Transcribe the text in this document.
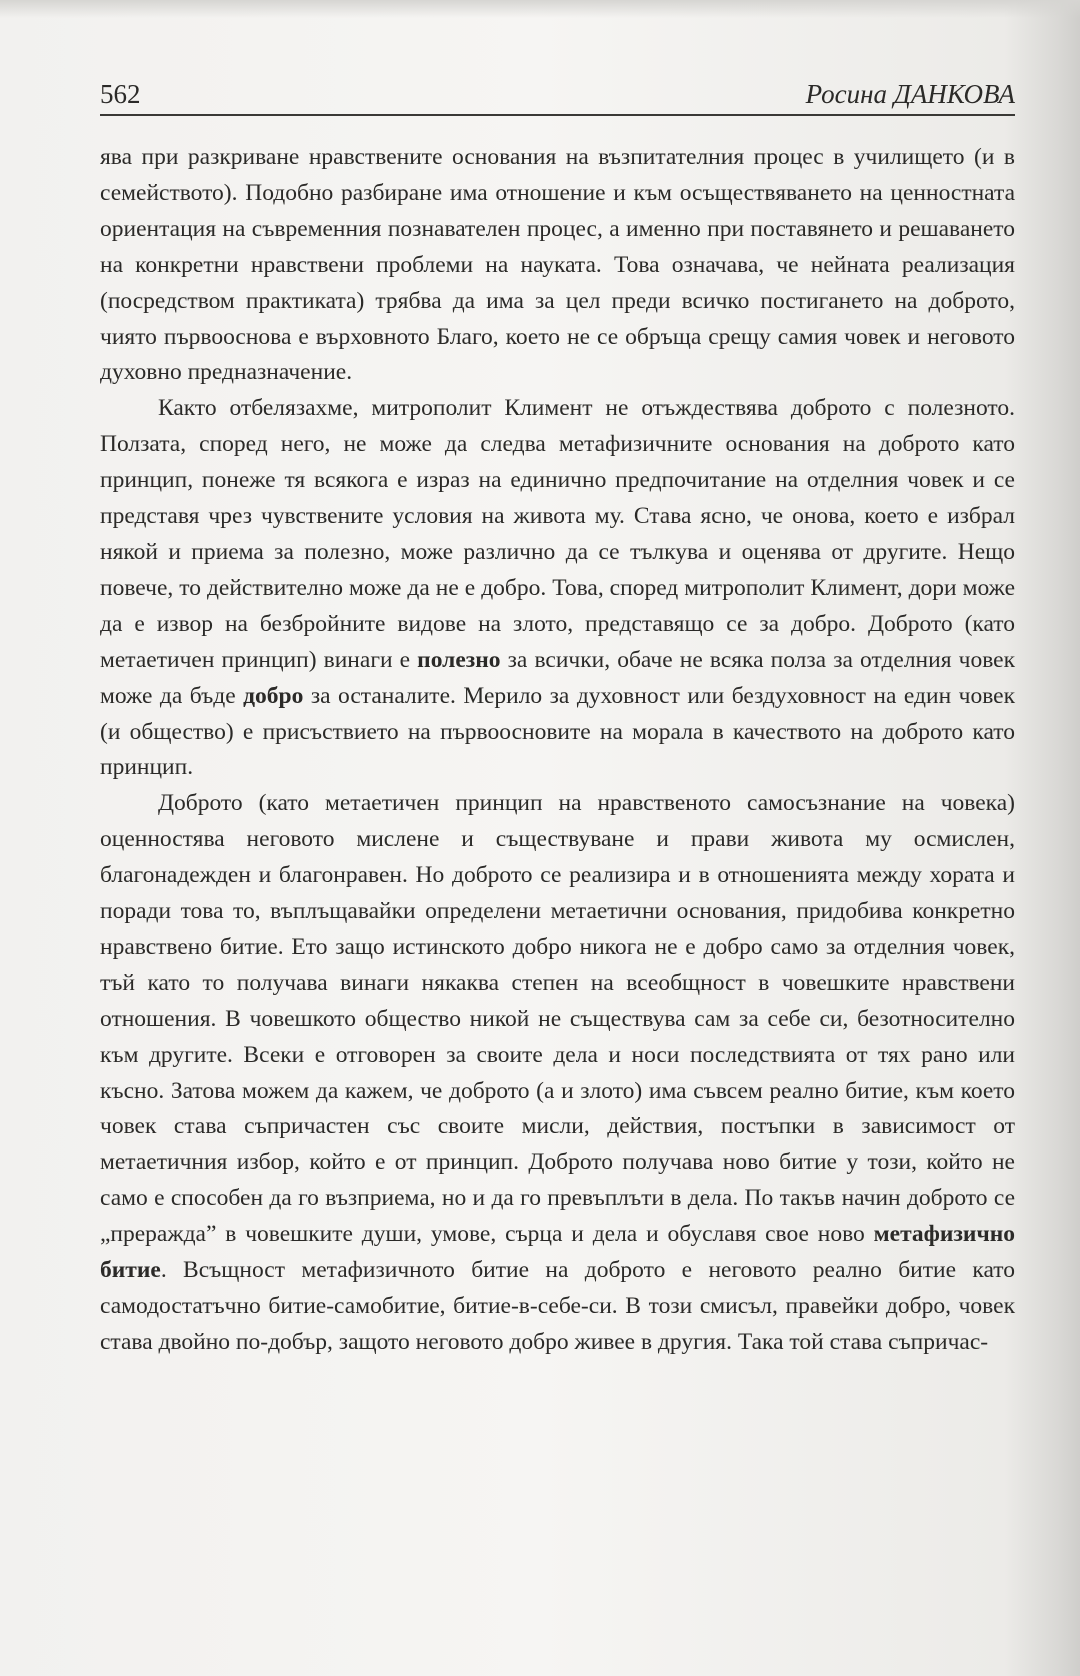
562	Росина ДАНКОВА

ява при разкриване нравствените основания на възпитателния процес в училището (и в семейството). Подобно разбиране има отношение и към осъществяването на ценностната ориентация на съвременния познавателен процес, а именно при поставянето и решаването на конкретни нравствени проблеми на науката. Това означава, че нейната реализация (посредством практиката) трябва да има за цел преди всичко постигането на доброто, чиято първооснова е върховното Благо, което не се обръща срещу самия човек и неговото духовно предназначение.

Както отбелязахме, митрополит Климент не отъждествява доброто с полезното. Ползата, според него, не може да следва метафизичните основания на доброто като принцип, понеже тя всякога е израз на единично предпочитание на отделния човек и се представя чрез чувствените условия на живота му. Става ясно, че онова, което е избрал някой и приема за полезно, може различно да се тълкува и оценява от другите. Нещо повече, то действително може да не е добро. Това, според митрополит Климент, дори може да е извор на безбройните видове на злото, представящо се за добро. Доброто (като метаетичен принцип) винаги е полезно за всички, обаче не всяка полза за отделния човек може да бъде добро за останалите. Мерило за духовност или бездуховност на един човек (и общество) е присъствието на първоосновите на морала в качеството на доброто като принцип.

Доброто (като метаетичен принцип на нравственото самосъзнание на човека) оценностява неговото мислене и съществуване и прави живота му осмислен, благонадежден и благонравен. Но доброто се реализира и в отношенията между хората и поради това то, въплъщавайки определени метаетични основания, придобива конкретно нравствено битие. Ето защо истинското добро никога не е добро само за отделния човек, тъй като то получава винаги някаква степен на всеобщност в човешките нравствени отношения. В човешкото общество никой не съществува сам за себе си, безотносително към другите. Всеки е отговорен за своите дела и носи последствията от тях рано или късно. Затова можем да кажем, че доброто (а и злото) има съвсем реално битие, към което човек става съпричастен със своите мисли, действия, постъпки в зависимост от метаетичния избор, който е от принцип. Доброто получава ново битие у този, който не само е способен да го възприема, но и да го превъплъти в дела. По такъв начин доброто се „прераждаˮ в човешките души, умове, сърца и дела и обуславя свое ново метафизично битие. Всъщност метафизичното битие на доброто е неговото реално битие като самодостатъчно битие-самобитие, битие-в-себе-си. В този смисъл, правейки добро, човек става двойно по-добър, защото неговото добро живее в другия. Така той става съпричас-
